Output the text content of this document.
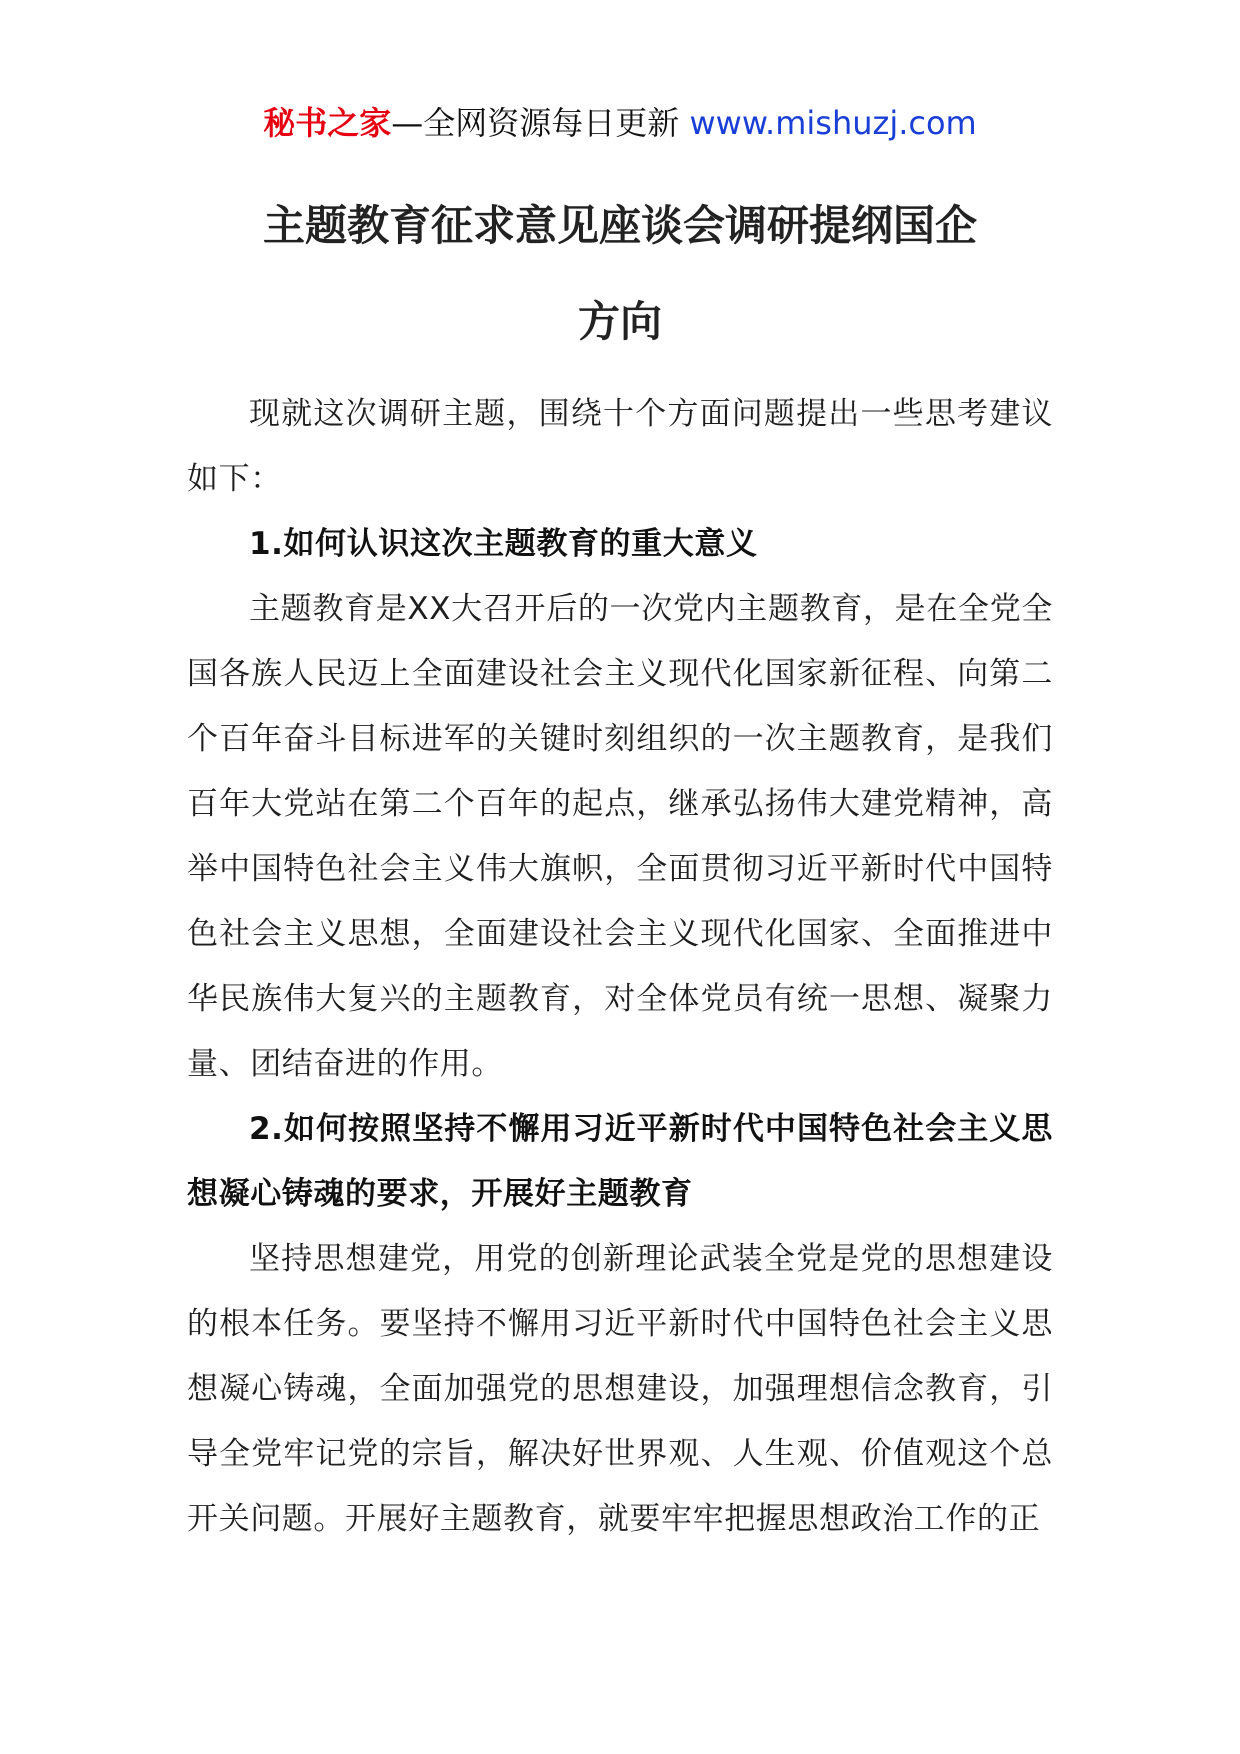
秘书之家—全网资源每日更新 www.mishuzj.com
主题教育征求意见座谈会调研提纲国企
方向

现就这次调研主题，围绕十个方面问题提出一些思考建议如下：

1.如何认识这次主题教育的重大意义

主题教育是XX大召开后的一次党内主题教育，是在全党全国各族人民迈上全面建设社会主义现代化国家新征程、向第二个百年奋斗目标进军的关键时刻组织的一次主题教育，是我们百年大党站在第二个百年的起点，继承弘扬伟大建党精神，高举中国特色社会主义伟大旗帜，全面贯彻习近平新时代中国特色社会主义思想，全面建设社会主义现代化国家、全面推进中华民族伟大复兴的主题教育，对全体党员有统一思想、凝聚力量、团结奋进的作用。

2.如何按照坚持不懈用习近平新时代中国特色社会主义思想凝心铸魂的要求，开展好主题教育

坚持思想建党，用党的创新理论武装全党是党的思想建设的根本任务。要坚持不懈用习近平新时代中国特色社会主义思想凝心铸魂，全面加强党的思想建设，加强理想信念教育，引导全党牢记党的宗旨，解决好世界观、人生观、价值观这个总开关问题。开展好主题教育，就要牢牢把握思想政治工作的正
